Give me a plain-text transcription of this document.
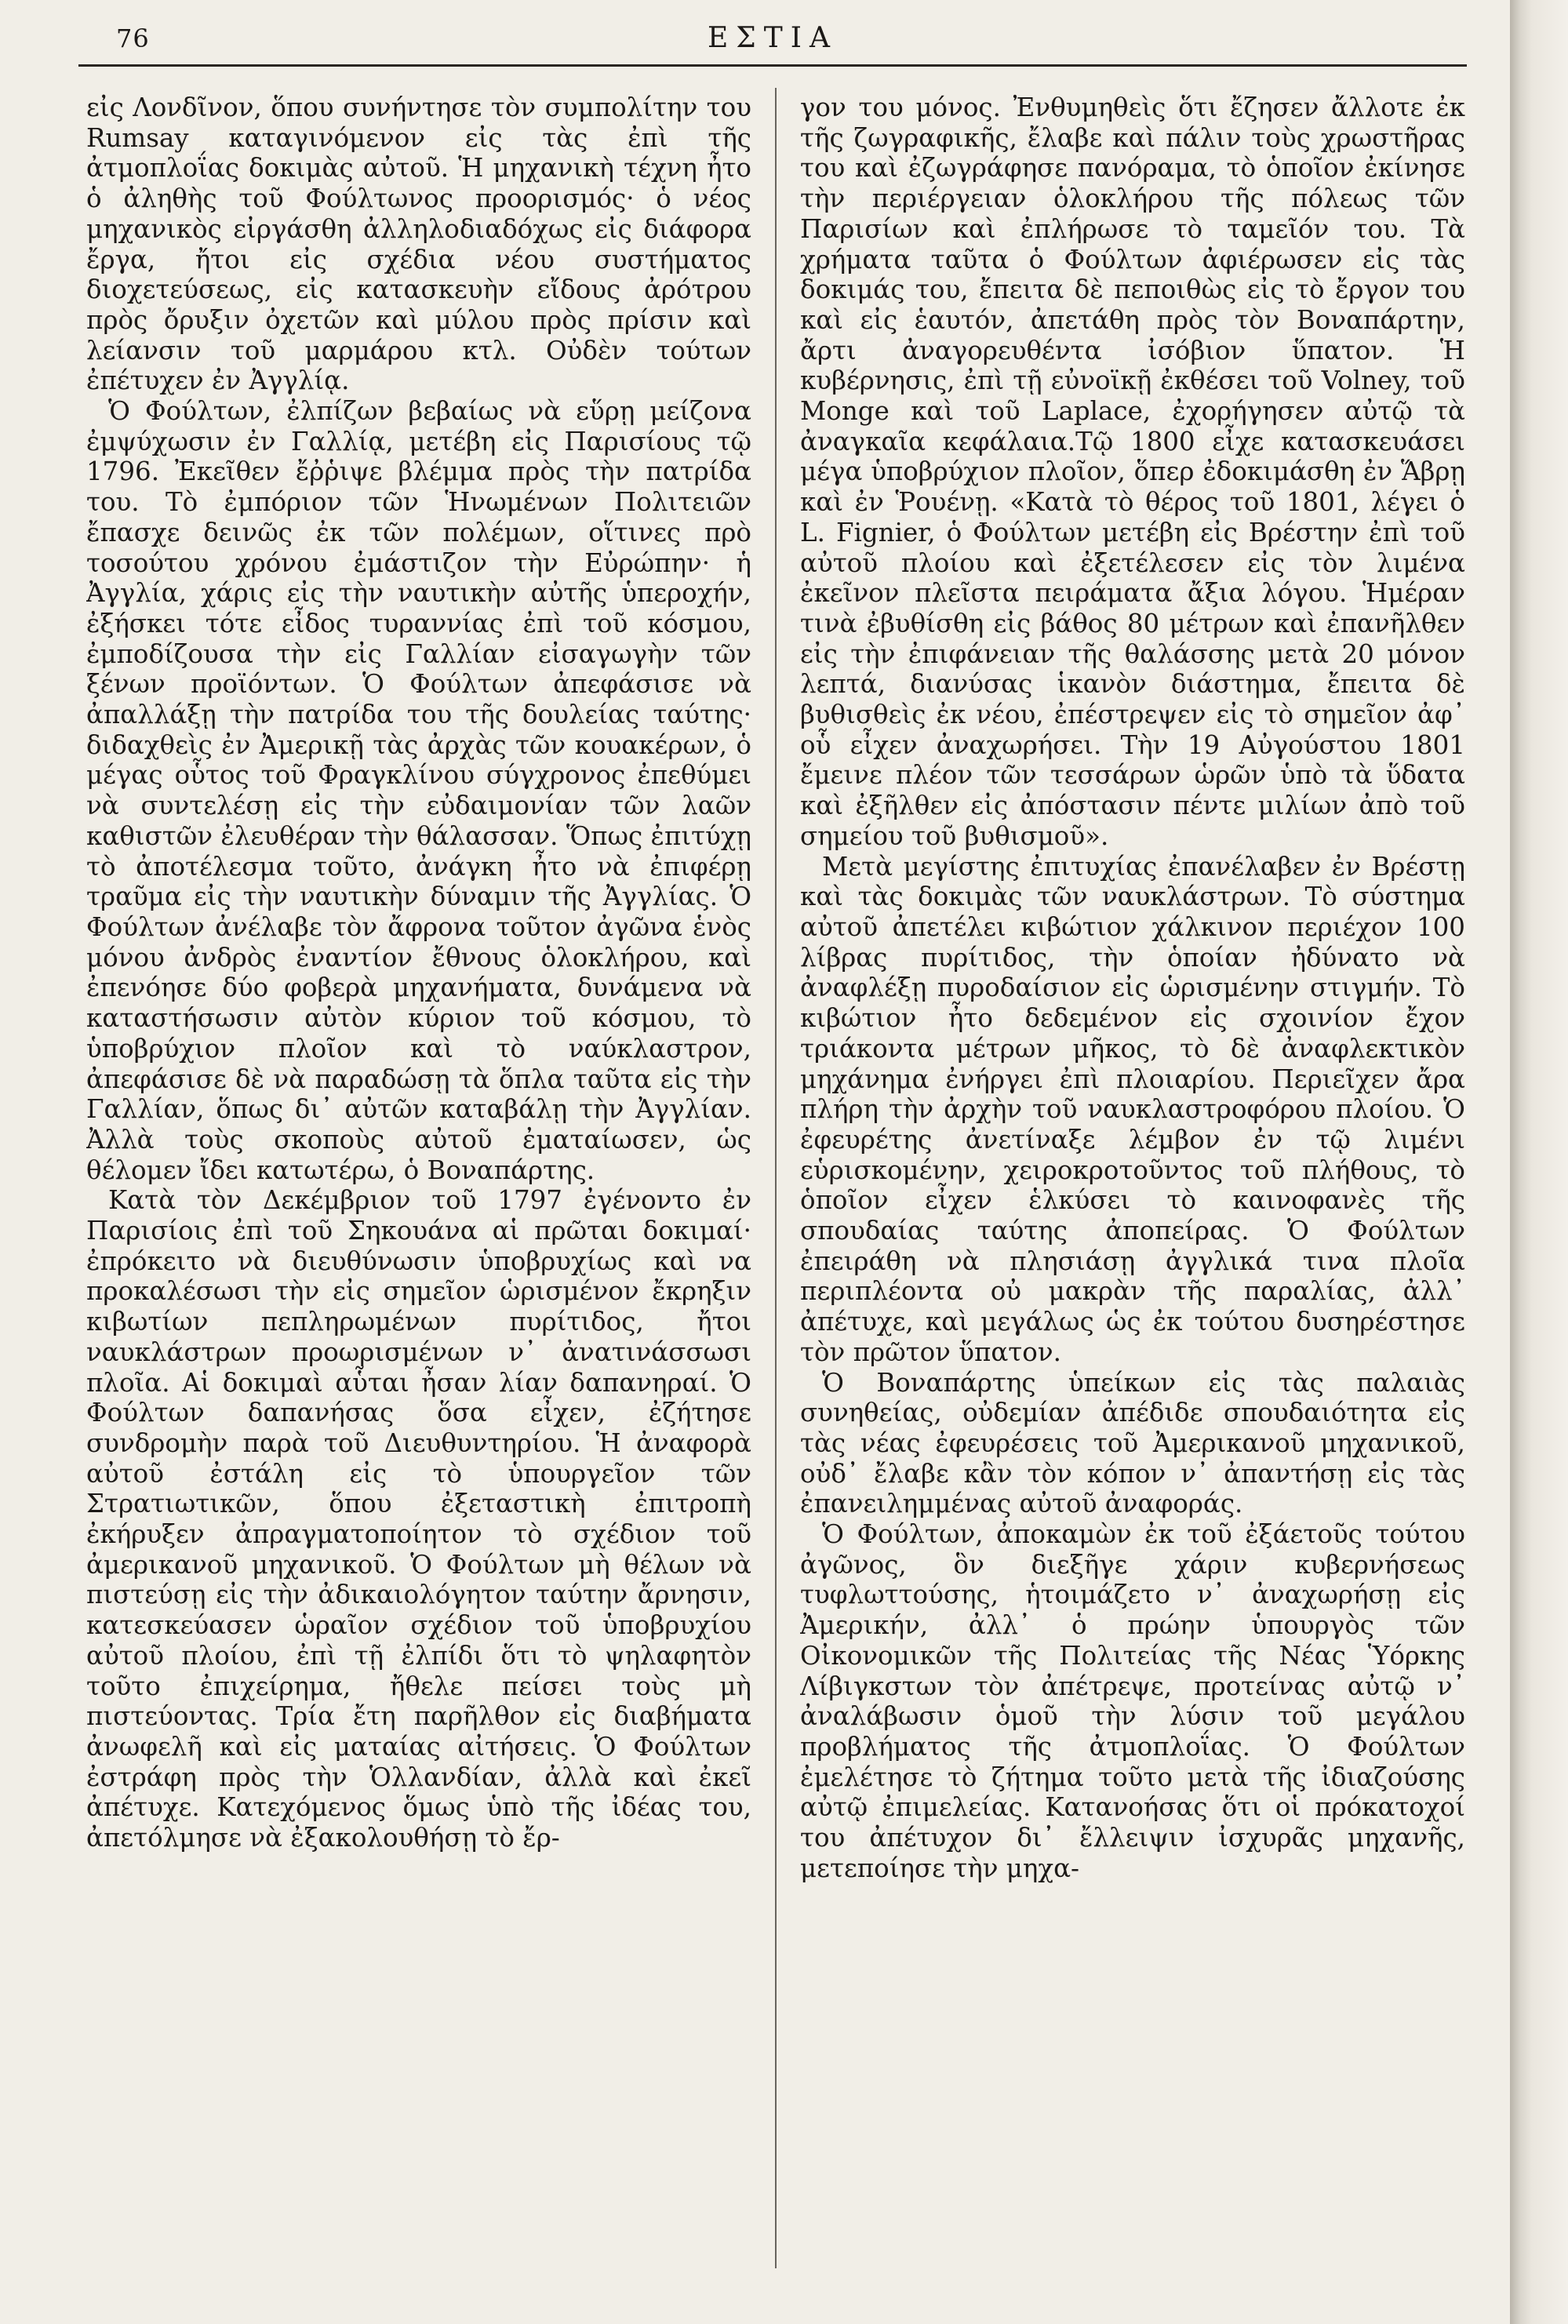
76	ΕΣΤΙΑ

εἰς Λονδῖνον, ὅπου συνήντησε τὸν συμπολίτην του Rumsay καταγινόμενον εἰς τὰς ἐπὶ τῆς ἀτμοπλοΐας δοκιμὰς αὐτοῦ. Ἡ μηχανικὴ τέχνη ἦτο ὁ ἀληθὴς τοῦ Φούλτωνος προορισμός· ὁ νέος μηχανικὸς εἰργάσθη ἀλληλοδιαδόχως εἰς διάφορα ἔργα, ἤτοι εἰς σχέδια νέου συστήματος διοχετεύσεως, εἰς κατασκευὴν εἴδους ἀρότρου πρὸς ὄρυξιν ὀχετῶν καὶ μύλου πρὸς πρίσιν καὶ λείανσιν τοῦ μαρμάρου κτλ. Οὐδὲν τούτων ἐπέτυχεν ἐν Ἀγγλίᾳ.

Ὁ Φούλτων, ἐλπίζων βεβαίως νὰ εὕρῃ μείζονα ἐμψύχωσιν ἐν Γαλλίᾳ, μετέβη εἰς Παρισίους τῷ 1796. Ἐκεῖθεν ἔῤῥιψε βλέμμα πρὸς τὴν πατρίδα του. Τὸ ἐμπόριον τῶν Ἡνωμένων Πολιτειῶν ἔπασχε δεινῶς ἐκ τῶν πολέμων, οἵτινες πρὸ τοσούτου χρόνου ἐμάστιζον τὴν Εὐρώπην· ἡ Ἀγγλία, χάρις εἰς τὴν ναυτικὴν αὐτῆς ὑπεροχήν, ἐξήσκει τότε εἶδος τυραννίας ἐπὶ τοῦ κόσμου, ἐμποδίζουσα τὴν εἰς Γαλλίαν εἰσαγωγὴν τῶν ξένων προϊόντων. Ὁ Φούλτων ἀπεφάσισε νὰ ἀπαλλάξῃ τὴν πατρίδα του τῆς δουλείας ταύτης· διδαχθεὶς ἐν Ἀμερικῇ τὰς ἀρχὰς τῶν κουακέρων, ὁ μέγας οὗτος τοῦ Φραγκλίνου σύγχρονος ἐπεθύμει νὰ συντελέσῃ εἰς τὴν εὐδαιμονίαν τῶν λαῶν καθιστῶν ἐλευθέραν τὴν θάλασσαν. Ὅπως ἐπιτύχῃ τὸ ἀποτέλεσμα τοῦτο, ἀνάγκη ἦτο νὰ ἐπιφέρῃ τραῦμα εἰς τὴν ναυτικὴν δύναμιν τῆς Ἀγγλίας. Ὁ Φούλτων ἀνέλαβε τὸν ἄφρονα τοῦτον ἀγῶνα ἑνὸς μόνου ἀνδρὸς ἐναντίον ἔθνους ὁλοκλήρου, καὶ ἐπενόησε δύο φοβερὰ μηχανήματα, δυνάμενα νὰ καταστήσωσιν αὐτὸν κύριον τοῦ κόσμου, τὸ ὑποβρύχιον πλοῖον καὶ τὸ ναύκλαστρον, ἀπεφάσισε δὲ νὰ παραδώσῃ τὰ ὅπλα ταῦτα εἰς τὴν Γαλλίαν, ὅπως δι᾽ αὐτῶν καταβάλῃ τὴν Ἀγγλίαν. Ἀλλὰ τοὺς σκοποὺς αὐτοῦ ἐματαίωσεν, ὡς θέλομεν ἴδει κατωτέρω, ὁ Βοναπάρτης.

Κατὰ τὸν Δεκέμβριον τοῦ 1797 ἐγένοντο ἐν Παρισίοις ἐπὶ τοῦ Σηκουάνα αἱ πρῶται δοκιμαί· ἐπρόκειτο νὰ διευθύνωσιν ὑποβρυχίως καὶ να προκαλέσωσι τὴν εἰς σημεῖον ὡρισμένον ἔκρηξιν κιβωτίων πεπληρωμένων πυρίτιδος, ἤτοι ναυκλάστρων προωρισμένων ν᾽ ἀνατινάσσωσι πλοῖα. Αἱ δοκιμαὶ αὗται ἦσαν λίαν δαπανηραί. Ὁ Φούλτων δαπανήσας ὅσα εἶχεν, ἐζήτησε συνδρομὴν παρὰ τοῦ Διευθυντηρίου. Ἡ ἀναφορὰ αὐτοῦ ἐστάλη εἰς τὸ ὑπουργεῖον τῶν Στρατιωτικῶν, ὅπου ἐξεταστικὴ ἐπιτροπὴ ἐκήρυξεν ἀπραγματοποίητον τὸ σχέδιον τοῦ ἀμερικανοῦ μηχανικοῦ. Ὁ Φούλτων μὴ θέλων νὰ πιστεύσῃ εἰς τὴν ἀδικαιολόγητον ταύτην ἄρνησιν, κατεσκεύασεν ὡραῖον σχέδιον τοῦ ὑποβρυχίου αὐτοῦ πλοίου, ἐπὶ τῇ ἐλπίδι ὅτι τὸ ψηλαφητὸν τοῦτο ἐπιχείρημα, ἤθελε πείσει τοὺς μὴ πιστεύοντας. Τρία ἔτη παρῆλθον εἰς διαβήματα ἀνωφελῆ καὶ εἰς ματαίας αἰτήσεις. Ὁ Φούλτων ἐστράφη πρὸς τὴν Ὁλλανδίαν, ἀλλὰ καὶ ἐκεῖ ἀπέτυχε. Κατεχόμενος ὅμως ὑπὸ τῆς ἰδέας του, ἀπετόλμησε νὰ ἐξακολουθήσῃ τὸ ἔρ-

γον του μόνος. Ἐνθυμηθεὶς ὅτι ἔζησεν ἄλλοτε ἐκ τῆς ζωγραφικῆς, ἔλαβε καὶ πάλιν τοὺς χρωστῆρας του καὶ ἐζωγράφησε πανόραμα, τὸ ὁποῖον ἐκίνησε τὴν περιέργειαν ὁλοκλήρου τῆς πόλεως τῶν Παρισίων καὶ ἐπλήρωσε τὸ ταμεῖόν του. Τὰ χρήματα ταῦτα ὁ Φούλτων ἀφιέρωσεν εἰς τὰς δοκιμάς του, ἔπειτα δὲ πεποιθὼς εἰς τὸ ἔργον του καὶ εἰς ἑαυτόν, ἀπετάθη πρὸς τὸν Βοναπάρτην, ἄρτι ἀναγορευθέντα ἰσόβιον ὕπατον. Ἡ κυβέρνησις, ἐπὶ τῇ εὐνοϊκῇ ἐκθέσει τοῦ Volney, τοῦ Monge καὶ τοῦ Laplace, ἐχορήγησεν αὐτῷ τὰ ἀναγκαῖα κεφάλαια.Τῷ 1800 εἶχε κατασκευάσει μέγα ὑποβρύχιον πλοῖον, ὅπερ ἐδοκιμάσθη ἐν Ἅβρῃ καὶ ἐν Ῥουένῃ. «Κατὰ τὸ θέρος τοῦ 1801, λέγει ὁ L. Fignier, ὁ Φούλτων μετέβη εἰς Βρέστην ἐπὶ τοῦ αὐτοῦ πλοίου καὶ ἐξετέλεσεν εἰς τὸν λιμένα ἐκεῖνον πλεῖστα πειράματα ἄξια λόγου. Ἡμέραν τινὰ ἐβυθίσθη εἰς βάθος 80 μέτρων καὶ ἐπανῆλθεν εἰς τὴν ἐπιφάνειαν τῆς θαλάσσης μετὰ 20 μόνον λεπτά, διανύσας ἱκανὸν διάστημα, ἔπειτα δὲ βυθισθεὶς ἐκ νέου, ἐπέστρεψεν εἰς τὸ σημεῖον ἀφ᾽ οὗ εἶχεν ἀναχωρήσει. Τὴν 19 Αὐγούστου 1801 ἔμεινε πλέον τῶν τεσσάρων ὡρῶν ὑπὸ τὰ ὕδατα καὶ ἐξῆλθεν εἰς ἀπόστασιν πέντε μιλίων ἀπὸ τοῦ σημείου τοῦ βυθισμοῦ».

Μετὰ μεγίστης ἐπιτυχίας ἐπανέλαβεν ἐν Βρέστῃ καὶ τὰς δοκιμὰς τῶν ναυκλάστρων. Τὸ σύστημα αὐτοῦ ἀπετέλει κιβώτιον χάλκινον περιέχον 100 λίβρας πυρίτιδος, τὴν ὁποίαν ἠδύνατο νὰ ἀναφλέξῃ πυροδαίσιον εἰς ὡρισμένην στιγμήν. Τὸ κιβώτιον ἦτο δεδεμένον εἰς σχοινίον ἔχον τριάκοντα μέτρων μῆκος, τὸ δὲ ἀναφλεκτικὸν μηχάνημα ἐνήργει ἐπὶ πλοιαρίου. Περιεῖχεν ἄρα πλήρη τὴν ἀρχὴν τοῦ ναυκλαστροφόρου πλοίου. Ὁ ἐφευρέτης ἀνετίναξε λέμβον ἐν τῷ λιμένι εὑρισκομένην, χειροκροτοῦντος τοῦ πλήθους, τὸ ὁποῖον εἶχεν ἑλκύσει τὸ καινοφανὲς τῆς σπουδαίας ταύτης ἀποπείρας. Ὁ Φούλτων ἐπειράθη νὰ πλησιάσῃ ἀγγλικά τινα πλοῖα περιπλέοντα οὐ μακρὰν τῆς παραλίας, ἀλλ᾽ ἀπέτυχε, καὶ μεγάλως ὡς ἐκ τούτου δυσηρέστησε τὸν πρῶτον ὕπατον.

Ὁ Βοναπάρτης ὑπείκων εἰς τὰς παλαιὰς συνηθείας, οὐδεμίαν ἀπέδιδε σπουδαιότητα εἰς τὰς νέας ἐφευρέσεις τοῦ Ἀμερικανοῦ μηχανικοῦ, οὐδ᾽ ἔλαβε κἂν τὸν κόπον ν᾽ ἀπαντήσῃ εἰς τὰς ἐπανειλημμένας αὐτοῦ ἀναφοράς.

Ὁ Φούλτων, ἀποκαμὼν ἐκ τοῦ ἐξάετοῦς τούτου ἀγῶνος, ὃν διεξῆγε χάριν κυβερνήσεως τυφλωττούσης, ἡτοιμάζετο ν᾽ ἀναχωρήσῃ εἰς Ἀμερικήν, ἀλλ᾽ ὁ πρώην ὑπουργὸς τῶν Οἰκονομικῶν τῆς Πολιτείας τῆς Νέας Ὑόρκης Λίβιγκστων τὸν ἀπέτρεψε, προτείνας αὐτῷ ν᾽ ἀναλάβωσιν ὁμοῦ τὴν λύσιν τοῦ μεγάλου προβλήματος τῆς ἀτμοπλοΐας. Ὁ Φούλτων ἐμελέτησε τὸ ζήτημα τοῦτο μετὰ τῆς ἰδιαζούσης αὐτῷ ἐπιμελείας. Κατανοήσας ὅτι οἱ πρόκατοχοί του ἀπέτυχον δι᾽ ἔλλειψιν ἰσχυρᾶς μηχανῆς, μετεποίησε τὴν μηχα-
